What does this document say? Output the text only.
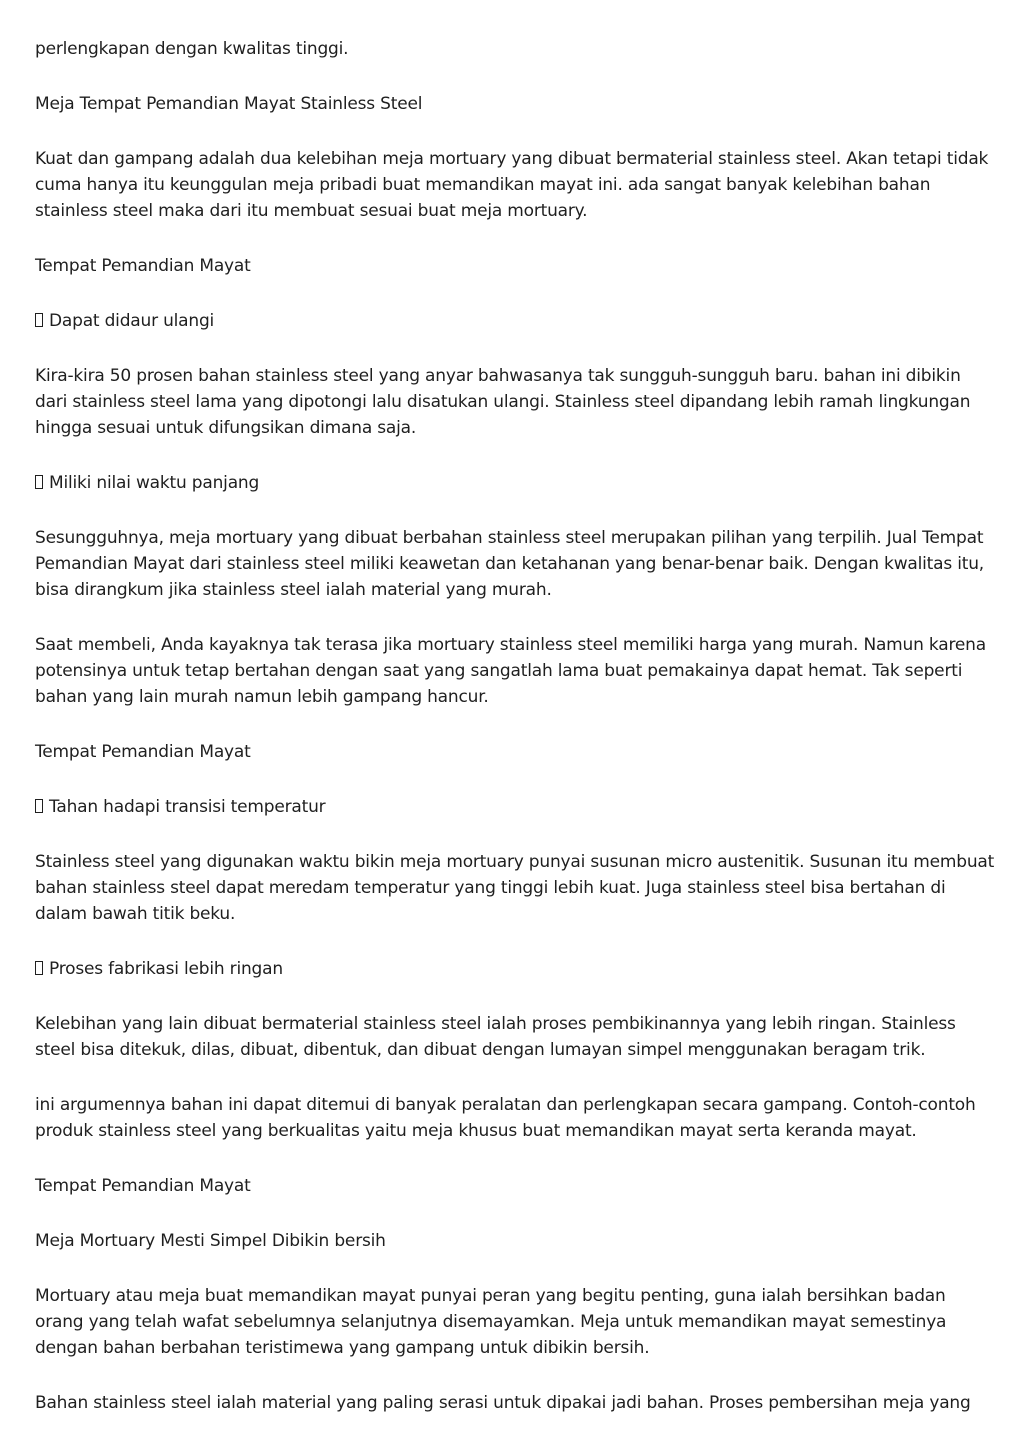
perlengkapan dengan kwalitas tinggi.

Meja Tempat Pemandian Mayat Stainless Steel

Kuat dan gampang adalah dua kelebihan meja mortuary yang dibuat bermaterial stainless steel. Akan tetapi tidak cuma hanya itu keunggulan meja pribadi buat memandikan mayat ini. ada sangat banyak kelebihan bahan stainless steel maka dari itu membuat sesuai buat meja mortuary.

Tempat Pemandian Mayat

Dapat didaur ulangi

Kira-kira 50 prosen bahan stainless steel yang anyar bahwasanya tak sungguh-sungguh baru. bahan ini dibikin dari stainless steel lama yang dipotongi lalu disatukan ulangi. Stainless steel dipandang lebih ramah lingkungan hingga sesuai untuk difungsikan dimana saja.

Miliki nilai waktu panjang

Sesungguhnya, meja mortuary yang dibuat berbahan stainless steel merupakan pilihan yang terpilih. Jual Tempat Pemandian Mayat dari stainless steel miliki keawetan dan ketahanan yang benar-benar baik. Dengan kwalitas itu, bisa dirangkum jika stainless steel ialah material yang murah.

Saat membeli, Anda kayaknya tak terasa jika mortuary stainless steel memiliki harga yang murah. Namun karena potensinya untuk tetap bertahan dengan saat yang sangatlah lama buat pemakainya dapat hemat. Tak seperti bahan yang lain murah namun lebih gampang hancur.

Tempat Pemandian Mayat

Tahan hadapi transisi temperatur

Stainless steel yang digunakan waktu bikin meja mortuary punyai susunan micro austenitik. Susunan itu membuat bahan stainless steel dapat meredam temperatur yang tinggi lebih kuat. Juga stainless steel bisa bertahan di dalam bawah titik beku.

Proses fabrikasi lebih ringan

Kelebihan yang lain dibuat bermaterial stainless steel ialah proses pembikinannya yang lebih ringan. Stainless steel bisa ditekuk, dilas, dibuat, dibentuk, dan dibuat dengan lumayan simpel menggunakan beragam trik.

ini argumennya bahan ini dapat ditemui di banyak peralatan dan perlengkapan secara gampang. Contoh-contoh produk stainless steel yang berkualitas yaitu meja khusus buat memandikan mayat serta keranda mayat.

Tempat Pemandian Mayat

Meja Mortuary Mesti Simpel Dibikin bersih

Mortuary atau meja buat memandikan mayat punyai peran yang begitu penting, guna ialah bersihkan badan orang yang telah wafat sebelumnya selanjutnya disemayamkan. Meja untuk memandikan mayat semestinya dengan bahan berbahan teristimewa yang gampang untuk dibikin bersih.

Bahan stainless steel ialah material yang paling serasi untuk dipakai jadi bahan. Proses pembersihan meja yang
